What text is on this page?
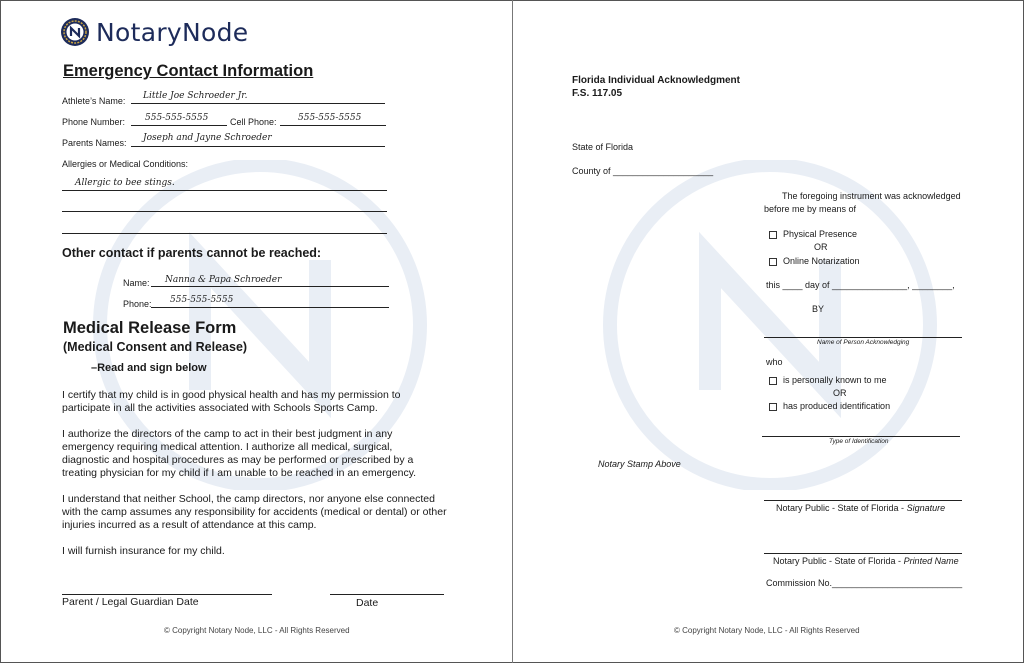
NotaryNode
Emergency Contact Information
Athlete’s Name: Little Joe Schroeder Jr.
Phone Number: 555-555-5555 Cell Phone: 555-555-5555
Parents Names: Joseph and Jayne Schroeder
Allergies or Medical Conditions:
Allergic to bee stings.
Other contact if parents cannot be reached:
Name: Nanna & Papa Schroeder
Phone: 555-555-5555
Medical Release Form
(Medical Consent and Release)
–Read and sign below
I certify that my child is in good physical health and has my permission to participate in all the activities associated with Schools Sports Camp.
I authorize the directors of the camp to act in their best judgment in any emergency requiring medical attention. I authorize all medical, surgical, diagnostic and hospital procedures as may be performed or prescribed by a treating physician for my child if I am unable to be reached in an emergency.
I understand that neither School, the camp directors, nor anyone else connected with the camp assumes any responsibility for accidents (medical or dental) or other injuries incurred as a result of attendance at this camp.
I will furnish insurance for my child.
Parent / Legal Guardian Date	Date
© Copyright Notary Node, LLC - All Rights Reserved
Florida Individual Acknowledgment
F.S. 117.05
State of Florida
County of ____________________
The foregoing instrument was acknowledged
before me by means of
Physical Presence
OR
Online Notarization
this ____ day of _______________, ________,
BY
Name of Person Acknowledging
who
is personally known to me
OR
has produced identification
Type of Identification
Notary Stamp Above
Notary Public - State of Florida - Signature
Notary Public - State of Florida - Printed Name
Commission No.__________________________
© Copyright Notary Node, LLC - All Rights Reserved
